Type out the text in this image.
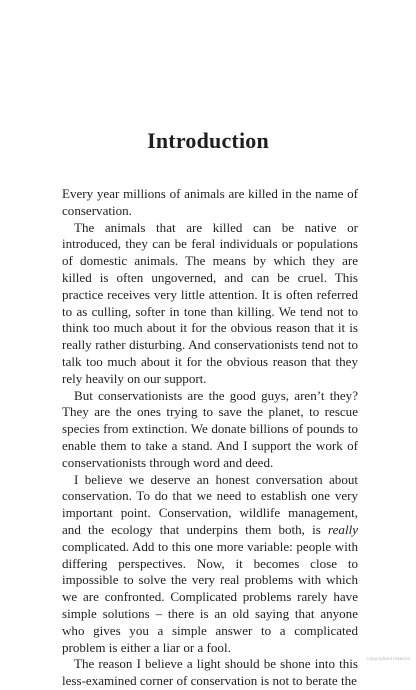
Introduction

Every year millions of animals are killed in the name of conservation.

The animals that are killed can be native or introduced, they can be feral individuals or populations of domestic animals. The means by which they are killed is often ungoverned, and can be cruel. This practice receives very little attention. It is often referred to as culling, softer in tone than killing. We tend not to think too much about it for the obvious reason that it is really rather disturbing. And conservationists tend not to talk too much about it for the obvious reason that they rely heavily on our support.

But conservationists are the good guys, aren’t they? They are the ones trying to save the planet, to rescue species from extinction. We donate billions of pounds to enable them to take a stand. And I support the work of conservationists through word and deed.

I believe we deserve an honest conversation about conservation. To do that we need to establish one very important point. Conservation, wildlife management, and the ecology that underpins them both, is really complicated. Add to this one more variable: people with differing perspectives. Now, it becomes close to impossible to solve the very real problems with which we are confronted. Complicated problems rarely have simple solutions – there is an old saying that anyone who gives you a simple answer to a complicated problem is either a liar or a fool.

The reason I believe a light should be shone into this less-examined corner of conservation is not to berate the

Copyrighted material
